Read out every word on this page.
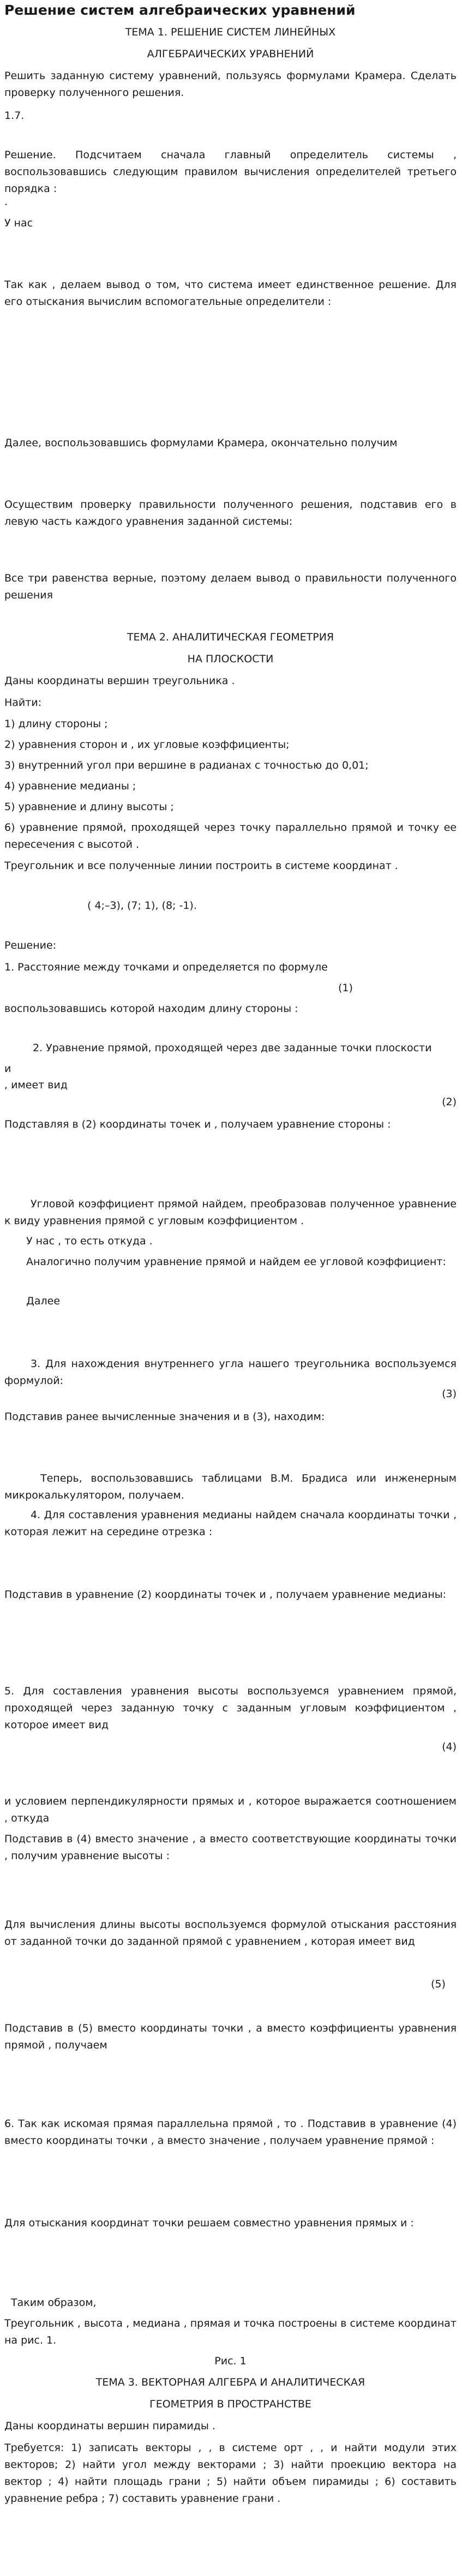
Решение систем алгебраических уравнений

ТЕМА 1. РЕШЕНИЕ СИСТЕМ ЛИНЕЙНЫХ

АЛГЕБРАИЧЕСКИХ УРАВНЕНИЙ

Решить заданную систему уравнений, пользуясь формулами Крамера. Сделать проверку полученного решения.

1.7.

Решение. Подсчитаем сначала главный определитель системы , воспользовавшись следующим правилом вычисления определителей третьего порядка :

.

У нас

Так как , делаем вывод о том, что система имеет единственное решение. Для его отыскания вычислим вспомогательные определители :

Далее, воспользовавшись формулами Крамера, окончательно получим

Осуществим проверку правильности полученного решения, подставив его в левую часть каждого уравнения заданной системы:

Все три равенства верные, поэтому делаем вывод о правильности полученного решения

ТЕМА 2. АНАЛИТИЧЕСКАЯ ГЕОМЕТРИЯ

НА ПЛОСКОСТИ

Даны координаты вершин треугольника .

Найти:

1) длину стороны ;

2) уравнения сторон и , их угловые коэффициенты;

3) внутренний угол при вершине в радианах с точностью до 0,01;

4) уравнение медианы ;

5) уравнение и длину высоты ;

6) уравнение прямой, проходящей через точку параллельно прямой и точку ее пересечения с высотой .

Треугольник и все полученные линии построить в системе координат .

( 4;–3), (7; 1), (8; -1).

Решение:

1. Расстояние между точками и определяется по формуле

(1)

воспользовавшись которой находим длину стороны :

2. Уравнение прямой, проходящей через две заданные точки плоскости

и

, имеет вид

(2)

Подставляя в (2) координаты точек и , получаем уравнение стороны :

Угловой коэффициент прямой найдем, преобразовав полученное уравнение к виду уравнения прямой с угловым коэффициентом .

У нас , то есть откуда .

Аналогично получим уравнение прямой и найдем ее угловой коэффициент:

Далее

3. Для нахождения внутреннего угла нашего треугольника воспользуемся формулой:

(3)

Подставив ранее вычисленные значения и в (3), находим:

Теперь, воспользовавшись таблицами В.М. Брадиса или инженерным микрокалькулятором, получаем.

4. Для составления уравнения медианы найдем сначала координаты точки , которая лежит на середине отрезка :

Подставив в уравнение (2) координаты точек и , получаем уравнение медианы:

5. Для составления уравнения высоты воспользуемся уравнением прямой, проходящей через заданную точку с заданным угловым коэффициентом , которое имеет вид

(4)

и условием перпендикулярности прямых и , которое выражается соотношением , откуда

Подставив в (4) вместо значение , а вместо соответствующие координаты точки , получим уравнение высоты :

Для вычисления длины высоты воспользуемся формулой отыскания расстояния от заданной точки до заданной прямой с уравнением , которая имеет вид

(5)

Подставив в (5) вместо координаты точки , а вместо коэффициенты уравнения прямой , получаем

6. Так как искомая прямая параллельна прямой , то . Подставив в уравнение (4) вместо координаты точки , а вместо значение , получаем уравнение прямой :

Для отыскания координат точки решаем совместно уравнения прямых и :

Таким образом,

Треугольник , высота , медиана , прямая и точка построены в системе координат на рис. 1.

Рис. 1

ТЕМА 3. ВЕКТОРНАЯ АЛГЕБРА И АНАЛИТИЧЕСКАЯ

ГЕОМЕТРИЯ В ПРОСТРАНСТВЕ

Даны координаты вершин пирамиды .

Требуется: 1) записать векторы , , в системе орт , , и найти модули этих векторов; 2) найти угол между векторами ; 3) найти проекцию вектора на вектор ; 4) найти площадь грани ; 5) найти объем пирамиды ; 6) составить уравнение ребра ; 7) составить уравнение грани .
